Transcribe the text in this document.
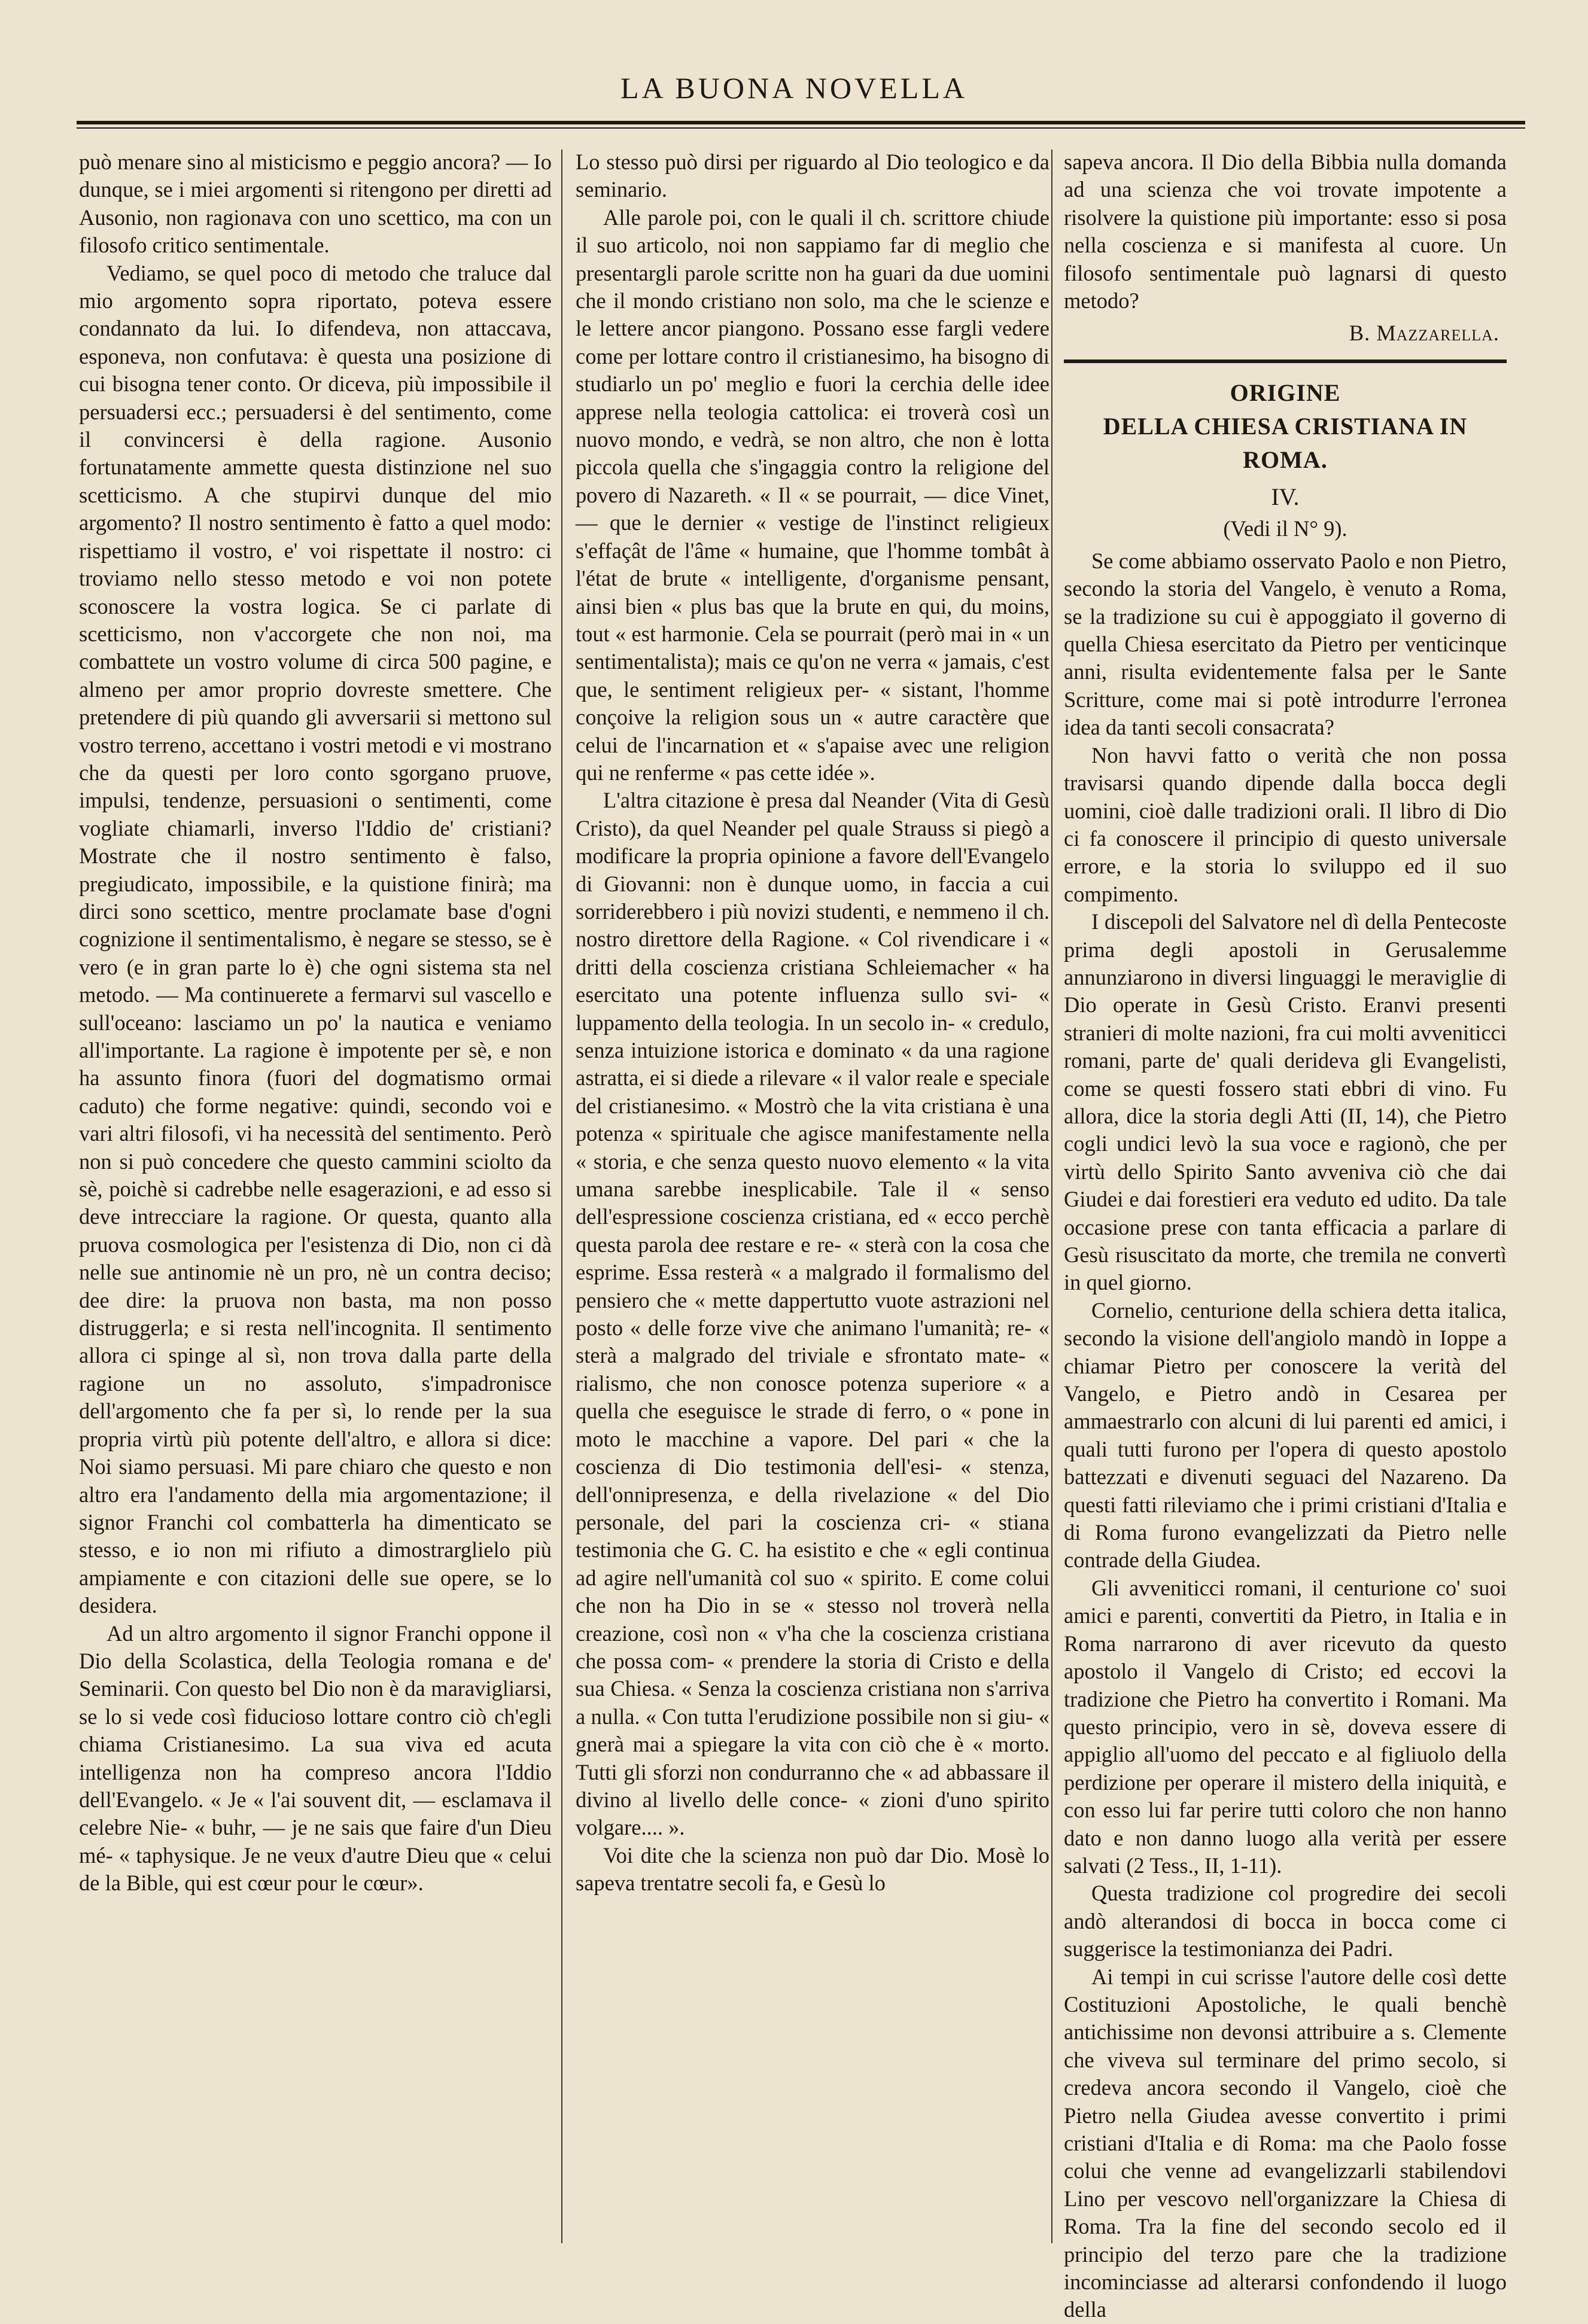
LA BUONA NOVELLA

può menare sino al misticismo e peggio ancora? — Io dunque, se i miei argomenti si ritengono per diretti ad Ausonio, non ragionava con uno scettico, ma con un filosofo critico sentimentale.

Vediamo, se quel poco di metodo che traluce dal mio argomento sopra riportato, poteva essere condannato da lui. Io difendeva, non attaccava, esponeva, non confutava: è questa una posizione di cui bisogna tener conto. Or diceva, più impossibile il persuadersi ecc.; persuadersi è del sentimento, come il convincersi è della ragione. Ausonio fortunatamente ammette questa distinzione nel suo scetticismo. A che stupirvi dunque del mio argomento? Il nostro sentimento è fatto a quel modo: rispettiamo il vostro, e' voi rispettate il nostro: ci troviamo nello stesso metodo e voi non potete sconoscere la vostra logica. Se ci parlate di scetticismo, non v'accorgete che non noi, ma combattete un vostro volume di circa 500 pagine, e almeno per amor proprio dovreste smettere. Che pretendere di più quando gli avversarii si mettono sul vostro terreno, accettano i vostri metodi e vi mostrano che da questi per loro conto sgorgano pruove, impulsi, tendenze, persuasioni o sentimenti, come vogliate chiamarli, inverso l'Iddio de' cristiani? Mostrate che il nostro sentimento è falso, pregiudicato, impossibile, e la quistione finirà; ma dirci sono scettico, mentre proclamate base d'ogni cognizione il sentimentalismo, è negare se stesso, se è vero (e in gran parte lo è) che ogni sistema sta nel metodo. — Ma continuerete a fermarvi sul vascello e sull'oceano: lasciamo un po' la nautica e veniamo all'importante. La ragione è impotente per sè, e non ha assunto finora (fuori del dogmatismo ormai caduto) che forme negative: quindi, secondo voi e vari altri filosofi, vi ha necessità del sentimento. Però non si può concedere che questo cammini sciolto da sè, poichè si cadrebbe nelle esagerazioni, e ad esso si deve intrecciare la ragione. Or questa, quanto alla pruova cosmologica per l'esistenza di Dio, non ci dà nelle sue antinomie nè un pro, nè un contra deciso; dee dire: la pruova non basta, ma non posso distruggerla; e si resta nell'incognita. Il sentimento allora ci spinge al sì, non trova dalla parte della ragione un no assoluto, s'impadronisce dell'argomento che fa per sì, lo rende per la sua propria virtù più potente dell'altro, e allora si dice: Noi siamo persuasi. Mi pare chiaro che questo e non altro era l'andamento della mia argomentazione; il signor Franchi col combatterla ha dimenticato se stesso, e io non mi rifiuto a dimostrarglielo più ampiamente e con citazioni delle sue opere, se lo desidera.

Ad un altro argomento il signor Franchi oppone il Dio della Scolastica, della Teologia romana e de' Seminarii. Con questo bel Dio non è da maravigliarsi, se lo si vede così fiducioso lottare contro ciò ch'egli chiama Cristianesimo. La sua viva ed acuta intelligenza non ha compreso ancora l'Iddio dell'Evangelo. « Je « l'ai souvent dit, — esclamava il celebre Nie- « buhr, — je ne sais que faire d'un Dieu mé- « taphysique. Je ne veux d'autre Dieu que « celui de la Bible, qui est cœur pour le cœur».

Lo stesso può dirsi per riguardo al Dio teologico e da seminario.

Alle parole poi, con le quali il ch. scrittore chiude il suo articolo, noi non sappiamo far di meglio che presentargli parole scritte non ha guari da due uomini che il mondo cristiano non solo, ma che le scienze e le lettere ancor piangono. Possano esse fargli vedere come per lottare contro il cristianesimo, ha bisogno di studiarlo un po' meglio e fuori la cerchia delle idee apprese nella teologia cattolica: ei troverà così un nuovo mondo, e vedrà, se non altro, che non è lotta piccola quella che s'ingaggia contro la religione del povero di Nazareth. « Il « se pourrait, — dice Vinet, — que le dernier « vestige de l'instinct religieux s'effaçât de l'âme « humaine, que l'homme tombât à l'état de brute « intelligente, d'organisme pensant, ainsi bien « plus bas que la brute en qui, du moins, tout « est harmonie. Cela se pourrait (però mai in « un sentimentalista); mais ce qu'on ne verra « jamais, c'est que, le sentiment religieux per- « sistant, l'homme conçoive la religion sous un « autre caractère que celui de l'incarnation et « s'apaise avec une religion qui ne renferme « pas cette idée ».

L'altra citazione è presa dal Neander (Vita di Gesù Cristo), da quel Neander pel quale Strauss si piegò a modificare la propria opinione a favore dell'Evangelo di Giovanni: non è dunque uomo, in faccia a cui sorriderebbero i più novizi studenti, e nemmeno il ch. nostro direttore della Ragione. « Col rivendicare i « dritti della coscienza cristiana Schleiemacher « ha esercitato una potente influenza sullo svi- « luppamento della teologia. In un secolo in- « credulo, senza intuizione istorica e dominato « da una ragione astratta, ei si diede a rilevare « il valor reale e speciale del cristianesimo. « Mostrò che la vita cristiana è una potenza « spirituale che agisce manifestamente nella « storia, e che senza questo nuovo elemento « la vita umana sarebbe inesplicabile. Tale il « senso dell'espressione coscienza cristiana, ed « ecco perchè questa parola dee restare e re- « sterà con la cosa che esprime. Essa resterà « a malgrado il formalismo del pensiero che « mette dappertutto vuote astrazioni nel posto « delle forze vive che animano l'umanità; re- « sterà a malgrado del triviale e sfrontato mate- « rialismo, che non conosce potenza superiore « a quella che eseguisce le strade di ferro, o « pone in moto le macchine a vapore. Del pari « che la coscienza di Dio testimonia dell'esi- « stenza, dell'onnipresenza, e della rivelazione « del Dio personale, del pari la coscienza cri- « stiana testimonia che G. C. ha esistito e che « egli continua ad agire nell'umanità col suo « spirito. E come colui che non ha Dio in se « stesso nol troverà nella creazione, così non « v'ha che la coscienza cristiana che possa com- « prendere la storia di Cristo e della sua Chiesa. « Senza la coscienza cristiana non s'arriva a nulla. « Con tutta l'erudizione possibile non si giu- « gnerà mai a spiegare la vita con ciò che è « morto. Tutti gli sforzi non condurranno che « ad abbassare il divino al livello delle conce- « zioni d'uno spirito volgare.... ».

Voi dite che la scienza non può dar Dio. Mosè lo sapeva trentatre secoli fa, e Gesù lo

sapeva ancora. Il Dio della Bibbia nulla domanda ad una scienza che voi trovate impotente a risolvere la quistione più importante: esso si posa nella coscienza e si manifesta al cuore. Un filosofo sentimentale può lagnarsi di questo metodo?

B. Mazzarella.

ORIGINE
DELLA CHIESA CRISTIANA IN ROMA.
IV.
(Vedi il N° 9).

Se come abbiamo osservato Paolo e non Pietro, secondo la storia del Vangelo, è venuto a Roma, se la tradizione su cui è appoggiato il governo di quella Chiesa esercitato da Pietro per venticinque anni, risulta evidentemente falsa per le Sante Scritture, come mai si potè introdurre l'erronea idea da tanti secoli consacrata?

Non havvi fatto o verità che non possa travisarsi quando dipende dalla bocca degli uomini, cioè dalle tradizioni orali. Il libro di Dio ci fa conoscere il principio di questo universale errore, e la storia lo sviluppo ed il suo compimento.

I discepoli del Salvatore nel dì della Pentecoste prima degli apostoli in Gerusalemme annunziarono in diversi linguaggi le meraviglie di Dio operate in Gesù Cristo. Eranvi presenti stranieri di molte nazioni, fra cui molti avveniticci romani, parte de' quali derideva gli Evangelisti, come se questi fossero stati ebbri di vino. Fu allora, dice la storia degli Atti (II, 14), che Pietro cogli undici levò la sua voce e ragionò, che per virtù dello Spirito Santo avveniva ciò che dai Giudei e dai forestieri era veduto ed udito. Da tale occasione prese con tanta efficacia a parlare di Gesù risuscitato da morte, che tremila ne convertì in quel giorno.

Cornelio, centurione della schiera detta italica, secondo la visione dell'angiolo mandò in Ioppe a chiamar Pietro per conoscere la verità del Vangelo, e Pietro andò in Cesarea per ammaestrarlo con alcuni di lui parenti ed amici, i quali tutti furono per l'opera di questo apostolo battezzati e divenuti seguaci del Nazareno. Da questi fatti rileviamo che i primi cristiani d'Italia e di Roma furono evangelizzati da Pietro nelle contrade della Giudea.

Gli avveniticci romani, il centurione co' suoi amici e parenti, convertiti da Pietro, in Italia e in Roma narrarono di aver ricevuto da questo apostolo il Vangelo di Cristo; ed eccovi la tradizione che Pietro ha convertito i Romani. Ma questo principio, vero in sè, doveva essere di appiglio all'uomo del peccato e al figliuolo della perdizione per operare il mistero della iniquità, e con esso lui far perire tutti coloro che non hanno dato e non danno luogo alla verità per essere salvati (2 Tess., II, 1-11).

Questa tradizione col progredire dei secoli andò alterandosi di bocca in bocca come ci suggerisce la testimonianza dei Padri.

Ai tempi in cui scrisse l'autore delle così dette Costituzioni Apostoliche, le quali benchè antichissime non devonsi attribuire a s. Clemente che viveva sul terminare del primo secolo, si credeva ancora secondo il Vangelo, cioè che Pietro nella Giudea avesse convertito i primi cristiani d'Italia e di Roma: ma che Paolo fosse colui che venne ad evangelizzarli stabilendovi Lino per vescovo nell'organizzare la Chiesa di Roma. Tra la fine del secondo secolo ed il principio del terzo pare che la tradizione incominciasse ad alterarsi confondendo il luogo della
